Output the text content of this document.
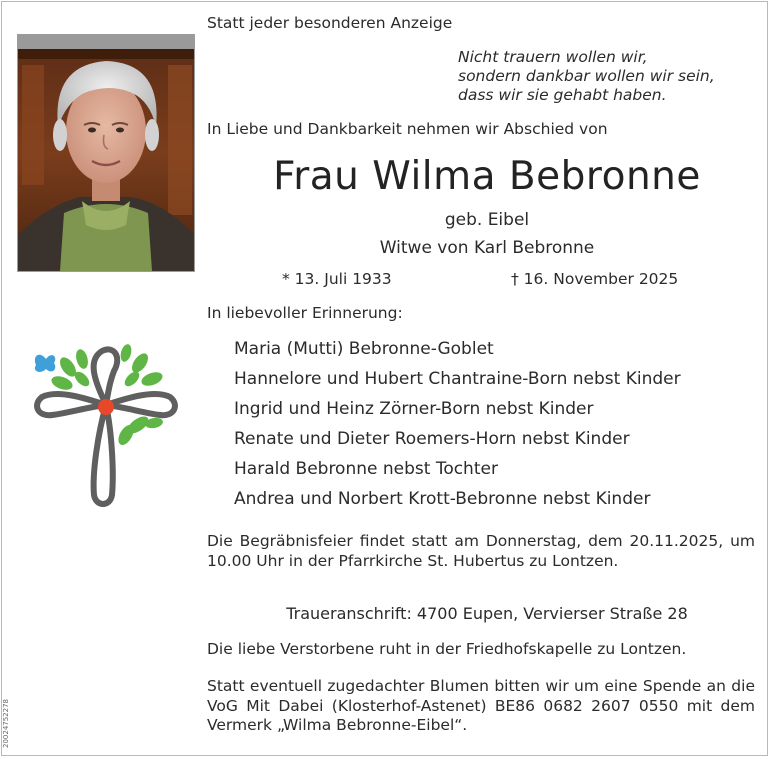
Statt jeder besonderen Anzeige
Nicht trauern wollen wir,
sondern dankbar wollen wir sein,
dass wir sie gehabt haben.
In Liebe und Dankbarkeit nehmen wir Abschied von
Frau Wilma Bebronne
geb. Eibel
Witwe von Karl Bebronne
* 13. Juli 1933	† 16. November 2025
In liebevoller Erinnerung:
Maria (Mutti) Bebronne-Goblet
Hannelore und Hubert Chantraine-Born nebst Kinder
Ingrid und Heinz Zörner-Born nebst Kinder
Renate und Dieter Roemers-Horn nebst Kinder
Harald Bebronne nebst Tochter
Andrea und Norbert Krott-Bebronne nebst Kinder
Die Begräbnisfeier findet statt am Donnerstag, dem 20.11.2025, um 10.00 Uhr in der Pfarrkirche St. Hubertus zu Lontzen.
Traueranschrift: 4700 Eupen, Vervierser Straße 28
Die liebe Verstorbene ruht in der Friedhofskapelle zu Lontzen.
Statt eventuell zugedachter Blumen bitten wir um eine Spende an die VoG Mit Dabei (Klosterhof-Astenet) BE86 0682 2607 0550 mit dem Vermerk „Wilma Bebronne-Eibel“.
20024752278
